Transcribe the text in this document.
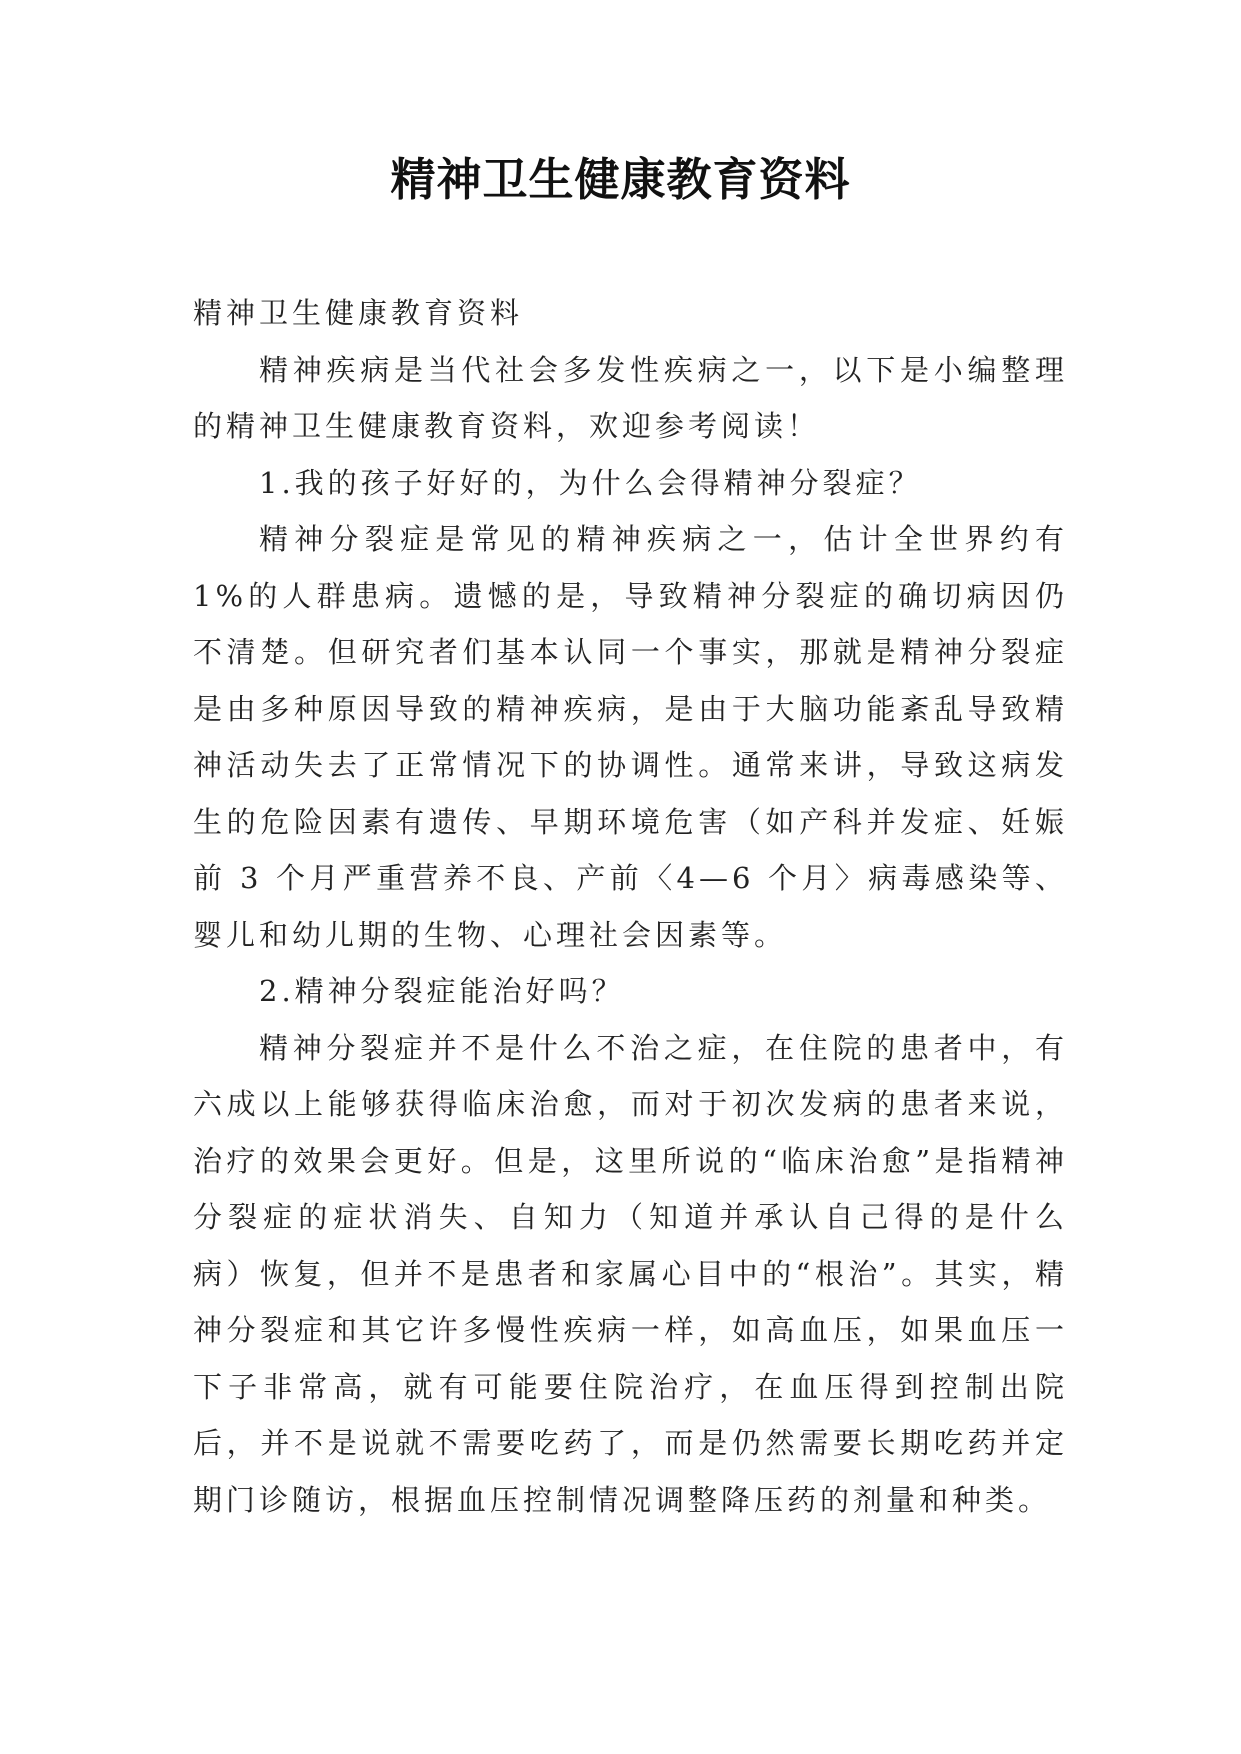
精神卫生健康教育资料

精神卫生健康教育资料

精神疾病是当代社会多发性疾病之一，以下是小编整理的精神卫生健康教育资料，欢迎参考阅读！

1.我的孩子好好的，为什么会得精神分裂症？

精神分裂症是常见的精神疾病之一，估计全世界约有 1%的人群患病。遗憾的是，导致精神分裂症的确切病因仍不清楚。但研究者们基本认同一个事实，那就是精神分裂症是由多种原因导致的精神疾病，是由于大脑功能紊乱导致精神活动失去了正常情况下的协调性。通常来讲，导致这病发生的危险因素有遗传、早期环境危害（如产科并发症、妊娠前 3 个月严重营养不良、产前〈4—6 个月〉病毒感染等、婴儿和幼儿期的生物、心理社会因素等。

2.精神分裂症能治好吗？

精神分裂症并不是什么不治之症，在住院的患者中，有六成以上能够获得临床治愈，而对于初次发病的患者来说，治疗的效果会更好。但是，这里所说的“临床治愈”是指精神分裂症的症状消失、自知力（知道并承认自己得的是什么病）恢复，但并不是患者和家属心目中的“根治”。其实，精神分裂症和其它许多慢性疾病一样，如高血压，如果血压一下子非常高，就有可能要住院治疗，在血压得到控制出院后，并不是说就不需要吃药了，而是仍然需要长期吃药并定期门诊随访，根据血压控制情况调整降压药的剂量和种类。
